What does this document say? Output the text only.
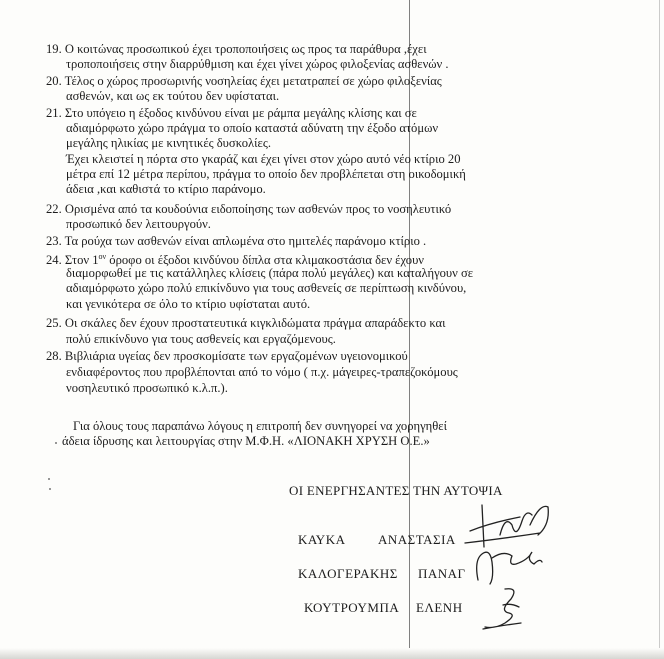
19. Ο κοιτώνας προσωπικού έχει τροποποιήσεις ως προς τα παράθυρα ,έχει
τροποποιήσεις στην διαρρύθμιση και έχει γίνει χώρος φιλοξενίας ασθενών .
20. Τέλος ο χώρος προσωρινής νοσηλείας έχει μετατραπεί σε χώρο φιλοξενίας
ασθενών, και ως εκ τούτου δεν υφίσταται.
21. Στο υπόγειο η έξοδος κινδύνου είναι με ράμπα μεγάλης κλίσης και σε
αδιαμόρφωτο χώρο πράγμα το οποίο καταστά αδύνατη την έξοδο ατόμων
μεγάλης ηλικίας με κινητικές δυσκολίες.
Έχει κλειστεί η πόρτα στο γκαράζ και έχει γίνει στον χώρο αυτό νέο κτίριο 20
μέτρα επί 12 μέτρα περίπου, πράγμα το οποίο δεν προβλέπεται στη οικοδομική
άδεια ,και καθιστά το κτίριο παράνομο.
22. Ορισμένα από τα κουδούνια ειδοποίησης των ασθενών προς το νοσηλευτικό
προσωπικό δεν λειτουργούν.
23. Τα ρούχα των ασθενών είναι απλωμένα στο ημιτελές παράνομο κτίριο .
24. Στον $1^{o\nu}$ όροφο οι έξοδοι κινδύνου δίπλα στα κλιμακοστάσια δεν έχουν
διαμορφωθεί με τις κατάλληλες κλίσεις (πάρα πολύ μεγάλες) και καταλήγουν σε
αδιαμόρφωτο χώρο πολύ επικίνδυνο για τους ασθενείς σε περίπτωση κινδύνου,
και γενικότερα σε όλο το κτίριο υφίσταται αυτό.
25. Οι σκάλες δεν έχουν προστατευτικά κιγκλιδώματα πράγμα απαράδεκτο και
πολύ επικίνδυνο για τους ασθενείς και εργαζόμενους.
28. Βιβλιάρια υγείας δεν προσκομίσατε των εργαζομένων υγειονομικού
ενδιαφέροντος που προβλέπονται από το νόμο ( π.χ. μάγειρες-τραπεζοκόμους
νοσηλευτικό προσωπικό κ.λ.π.).
Για όλους τους παραπάνω λόγους η επιτροπή δεν συνηγορεί να χορηγηθεί
άδεια ίδρυσης και λειτουργίας στην Μ.Φ.Η. «ΛΙΟΝΑΚΗ ΧΡΥΣΗ Ο.Ε.»
ΟΙ ΕΝΕΡΓΗΣΑΝΤΕΣ ΤΗΝ ΑΥΤΟΨΙΑ
ΚΑΥΚΑ	ΑΝΑΣΤΑΣΙΑ
ΚΑΛΟΓΕΡΑΚΗΣ ΠΑΝΑΓ
ΚΟΥΤΡΟΥΜΠΑ ΕΛΕΝΗ
